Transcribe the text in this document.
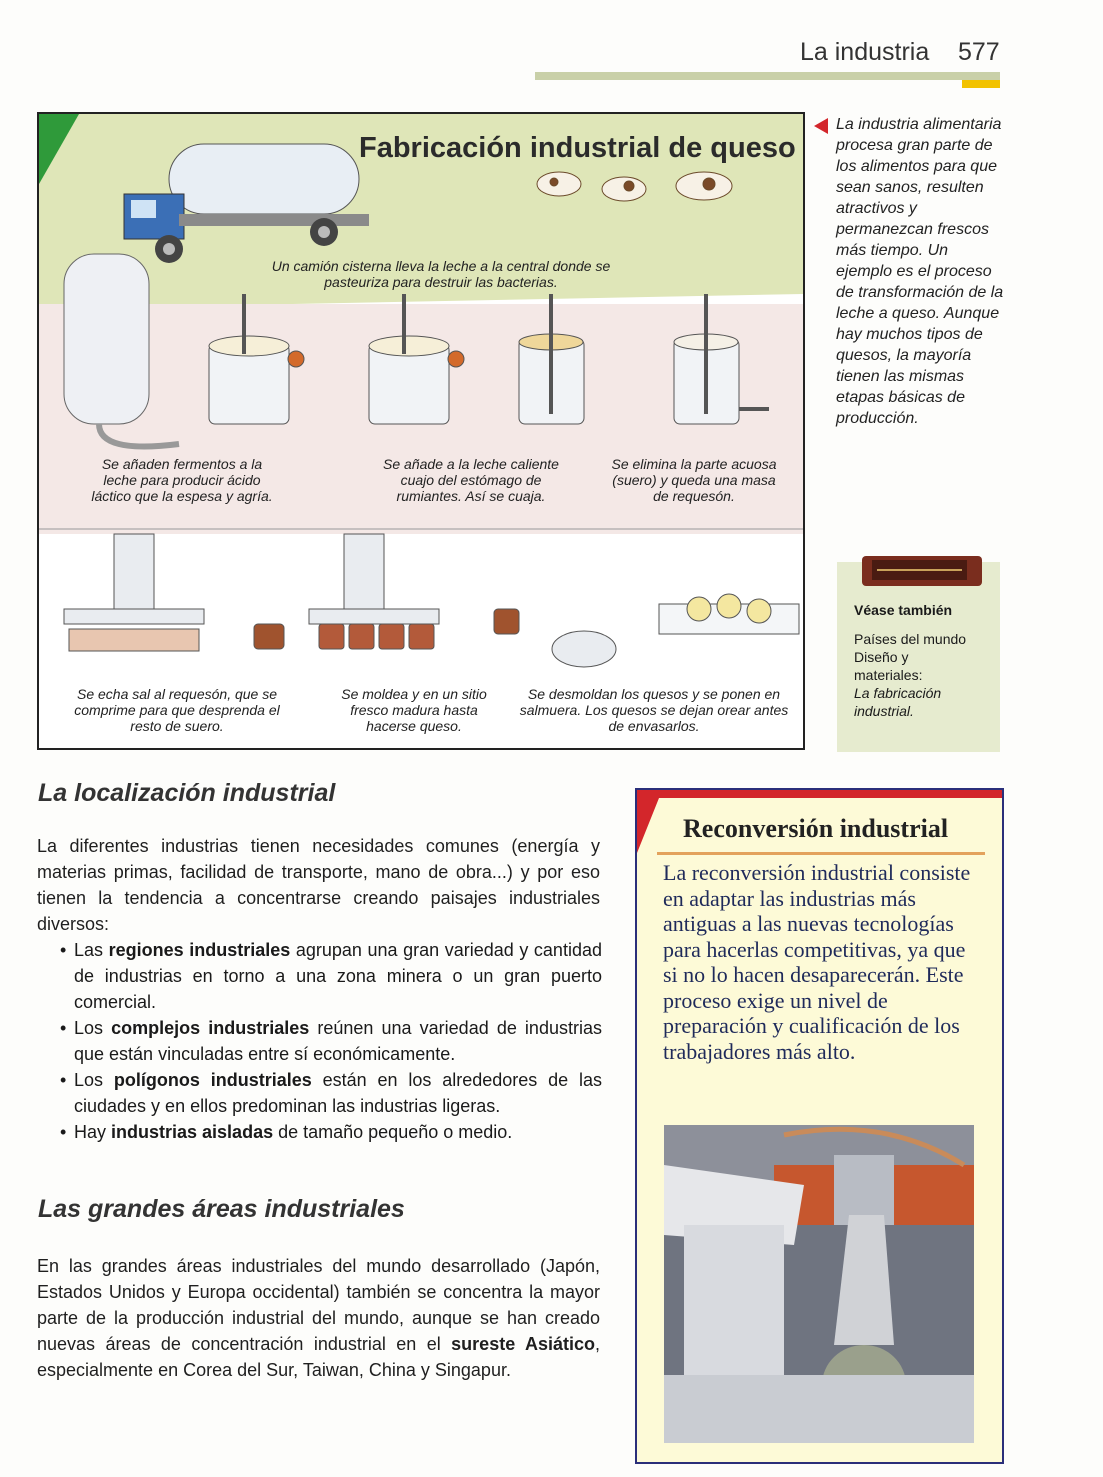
La industria 577
Fabricación industrial de queso
Un camión cisterna lleva la leche a la central donde se pasteuriza para destruir las bacterias.
Se añaden fermentos a la leche para producir ácido láctico que la espesa y agría.
Se añade a la leche caliente cuajo del estómago de rumiantes. Así se cuaja.
Se elimina la parte acuosa (suero) y queda una masa de requesón.
Se echa sal al requesón, que se comprime para que desprenda el resto de suero.
Se moldea y en un sitio fresco madura hasta hacerse queso.
Se desmoldan los quesos y se ponen en salmuera. Los quesos se dejan orear antes de envasarlos.
La industria alimentaria procesa gran parte de los alimentos para que sean sanos, resulten atractivos y permanezcan frescos más tiempo. Un ejemplo es el proceso de transformación de la leche a queso. Aunque hay muchos tipos de quesos, la mayoría tienen las mismas etapas básicas de producción.
Véase también
Países del mundo
Diseño y
materiales:
La fabricación
industrial.
La localización industrial
La diferentes industrias tienen necesidades comunes (energía y materias primas, facilidad de transporte, mano de obra...) y por eso tienen la tendencia a concentrarse creando paisajes industriales diversos:
• Las regiones industriales agrupan una gran variedad y cantidad de industrias en torno a una zona minera o un gran puerto comercial.
• Los complejos industriales reúnen una variedad de industrias que están vinculadas entre sí económicamente.
• Los polígonos industriales están en los alrededores de las ciudades y en ellos predominan las industrias ligeras.
• Hay industrias aisladas de tamaño pequeño o medio.
Las grandes áreas industriales
En las grandes áreas industriales del mundo desarrollado (Japón, Estados Unidos y Europa occidental) también se concentra la mayor parte de la producción industrial del mundo, aunque se han creado nuevas áreas de concentración industrial en el sureste Asiático, especialmente en Corea del Sur, Taiwan, China y Singapur.
Reconversión industrial
La reconversión industrial consiste en adaptar las industrias más antiguas a las nuevas tecnologías para hacerlas competitivas, ya que si no lo hacen desaparecerán. Este proceso exige un nivel de preparación y cualificación de los trabajadores más alto.
